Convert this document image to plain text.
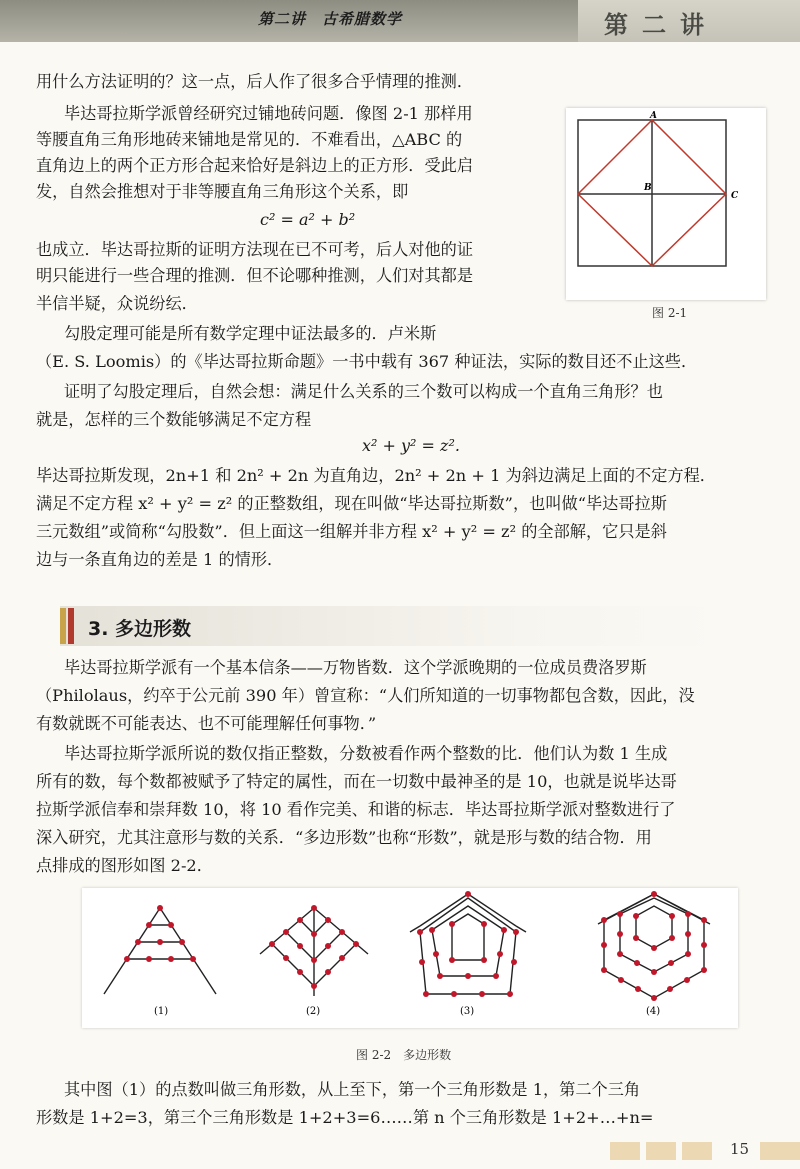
第二讲　古希腊数学	第二讲

用什么方法证明的？这一点，后人作了很多合乎情理的推测．

毕达哥拉斯学派曾经研究过铺地砖问题．像图 2-1 那样用

等腰直角三角形地砖来铺地是常见的．不难看出，△ABC 的

直角边上的两个正方形合起来恰好是斜边上的正方形．受此启

发，自然会推想对于非等腰直角三角形这个关系，即

c² = a² + b²

也成立．毕达哥拉斯的证明方法现在已不可考，后人对他的证

明只能进行一些合理的推测．但不论哪种推测，人们对其都是

半信半疑，众说纷纭．

A
B
C
图 2-1

勾股定理可能是所有数学定理中证法最多的．卢米斯

（E. S. Loomis）的《毕达哥拉斯命题》一书中载有 367 种证法，实际的数目还不止这些．

证明了勾股定理后，自然会想：满足什么关系的三个数可以构成一个直角三角形？也

就是，怎样的三个数能够满足不定方程

x² + y² = z².

毕达哥拉斯发现，2n+1 和 2n² + 2n 为直角边，2n² + 2n + 1 为斜边满足上面的不定方程．

满足不定方程 x² + y² = z² 的正整数组，现在叫做“毕达哥拉斯数”，也叫做“毕达哥拉斯

三元数组”或简称“勾股数”．但上面这一组解并非方程 x² + y² = z² 的全部解，它只是斜

边与一条直角边的差是 1 的情形．

3. 多边形数

毕达哥拉斯学派有一个基本信条——万物皆数．这个学派晚期的一位成员费洛罗斯

（Philolaus，约卒于公元前 390 年）曾宣称：“人们所知道的一切事物都包含数，因此，没

有数就既不可能表达、也不可能理解任何事物．”

毕达哥拉斯学派所说的数仅指正整数，分数被看作两个整数的比．他们认为数 1 生成

所有的数，每个数都被赋予了特定的属性，而在一切数中最神圣的是 10，也就是说毕达哥

拉斯学派信奉和崇拜数 10，将 10 看作完美、和谐的标志．毕达哥拉斯学派对整数进行了

深入研究，尤其注意形与数的关系．“多边形数”也称“形数”，就是形与数的结合物．用

点排成的图形如图 2-2．

(1)	(2)	(3)	(4)
图 2-2　多边形数

其中图（1）的点数叫做三角形数，从上至下，第一个三角形数是 1，第二个三角

形数是 1+2=3，第三个三角形数是 1+2+3=6……第 n 个三角形数是 1+2+…+n=

15
